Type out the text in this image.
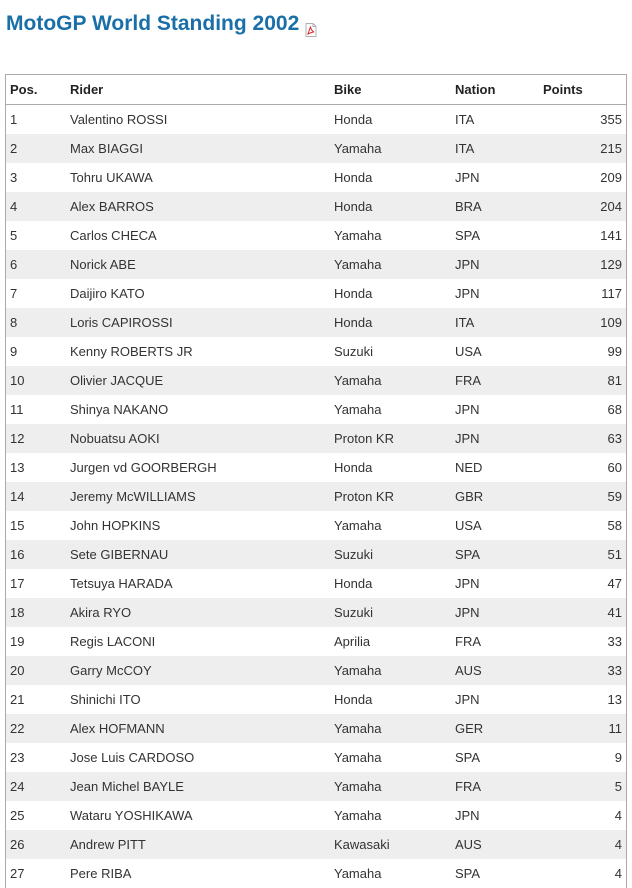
MotoGP World Standing 2002
Pos.	Rider	Bike	Nation	Points
1	Valentino ROSSI	Honda	ITA	355
2	Max BIAGGI	Yamaha	ITA	215
3	Tohru UKAWA	Honda	JPN	209
4	Alex BARROS	Honda	BRA	204
5	Carlos CHECA	Yamaha	SPA	141
6	Norick ABE	Yamaha	JPN	129
7	Daijiro KATO	Honda	JPN	117
8	Loris CAPIROSSI	Honda	ITA	109
9	Kenny ROBERTS JR	Suzuki	USA	99
10	Olivier JACQUE	Yamaha	FRA	81
11	Shinya NAKANO	Yamaha	JPN	68
12	Nobuatsu AOKI	Proton KR	JPN	63
13	Jurgen vd GOORBERGH	Honda	NED	60
14	Jeremy McWILLIAMS	Proton KR	GBR	59
15	John HOPKINS	Yamaha	USA	58
16	Sete GIBERNAU	Suzuki	SPA	51
17	Tetsuya HARADA	Honda	JPN	47
18	Akira RYO	Suzuki	JPN	41
19	Regis LACONI	Aprilia	FRA	33
20	Garry McCOY	Yamaha	AUS	33
21	Shinichi ITO	Honda	JPN	13
22	Alex HOFMANN	Yamaha	GER	11
23	Jose Luis CARDOSO	Yamaha	SPA	9
24	Jean Michel BAYLE	Yamaha	FRA	5
25	Wataru YOSHIKAWA	Yamaha	JPN	4
26	Andrew PITT	Kawasaki	AUS	4
27	Pere RIBA	Yamaha	SPA	4
